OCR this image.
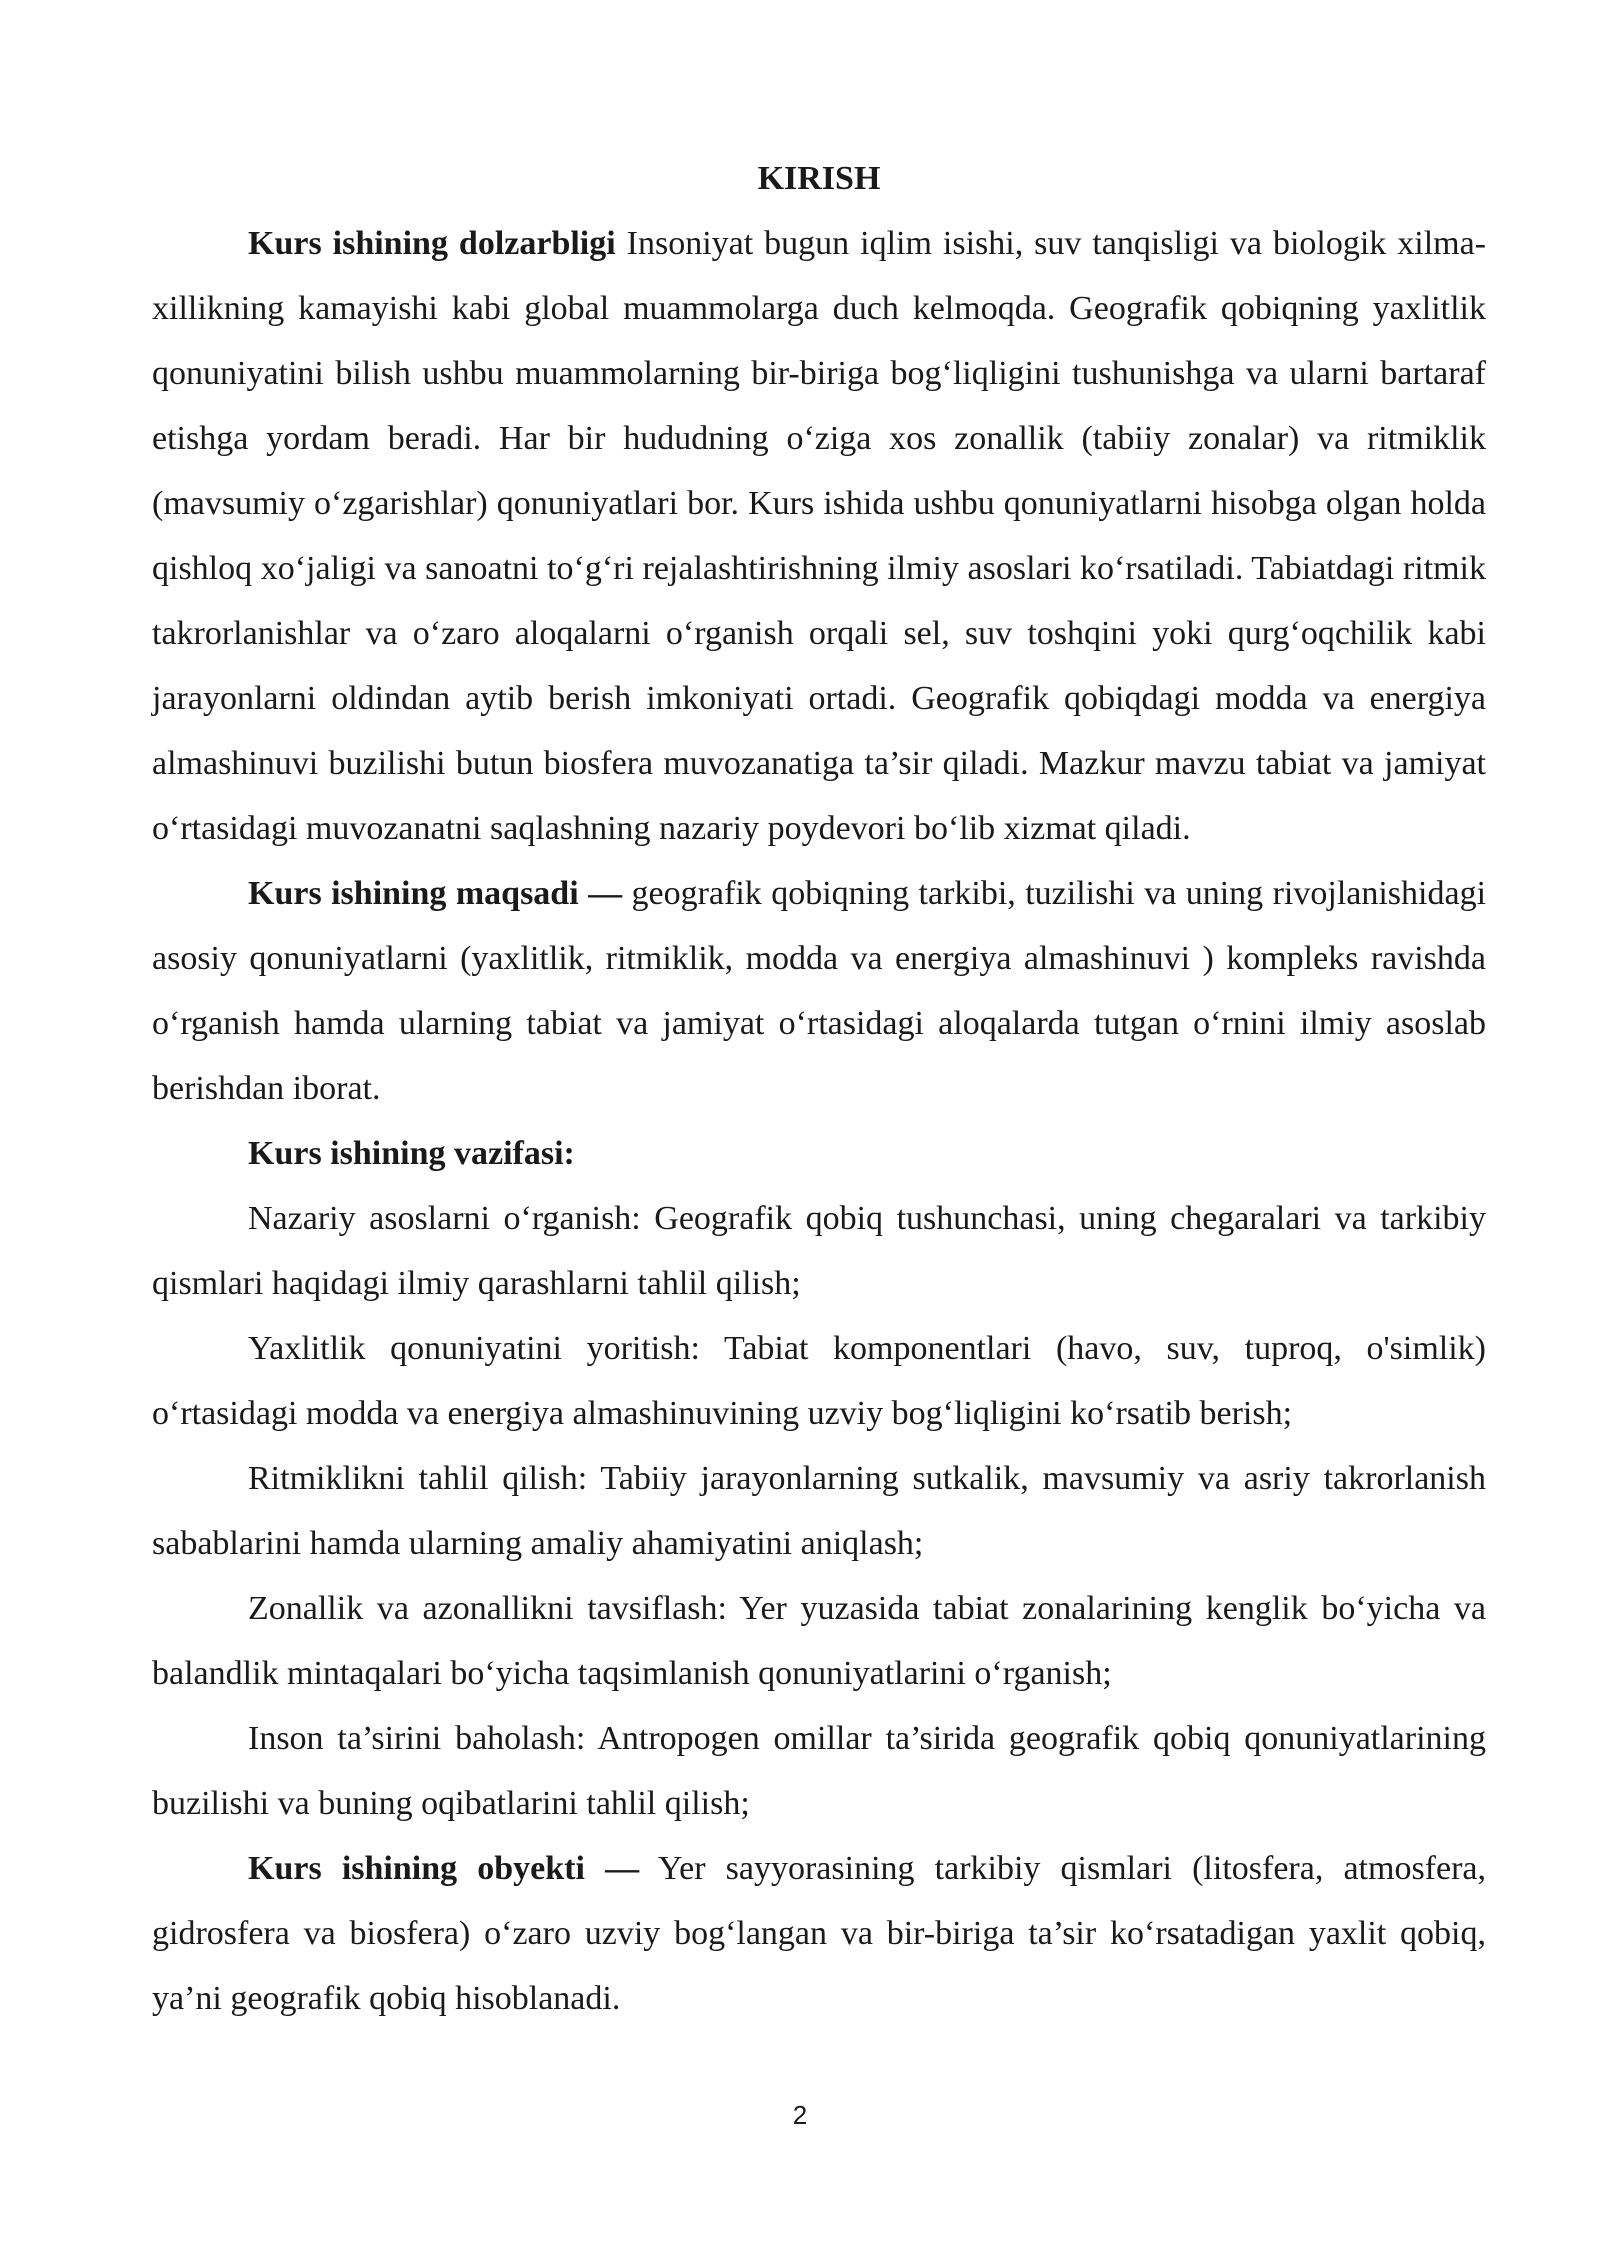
KIRISH

Kurs ishining dolzarbligi Insoniyat bugun iqlim isishi, suv tanqisligi va biologik xilma-xillikning kamayishi kabi global muammolarga duch kelmoqda. Geografik qobiqning yaxlitlik qonuniyatini bilish ushbu muammolarning bir-biriga bog‘liqligini tushunishga va ularni bartaraf etishga yordam beradi. Har bir hududning o‘ziga xos zonallik (tabiiy zonalar) va ritmiklik (mavsumiy o‘zgarishlar) qonuniyatlari bor. Kurs ishida ushbu qonuniyatlarni hisobga olgan holda qishloq xo‘jaligi va sanoatni to‘g‘ri rejalashtirishning ilmiy asoslari ko‘rsatiladi. Tabiatdagi ritmik takrorlanishlar va o‘zaro aloqalarni o‘rganish orqali sel, suv toshqini yoki qurg‘oqchilik kabi jarayonlarni oldindan aytib berish imkoniyati ortadi. Geografik qobiqdagi modda va energiya almashinuvi buzilishi butun biosfera muvozanatiga ta’sir qiladi. Mazkur mavzu tabiat va jamiyat o‘rtasidagi muvozanatni saqlashning nazariy poydevori bo‘lib xizmat qiladi.

Kurs ishining maqsadi — geografik qobiqning tarkibi, tuzilishi va uning rivojlanishidagi asosiy qonuniyatlarni (yaxlitlik, ritmiklik, modda va energiya almashinuvi ) kompleks ravishda o‘rganish hamda ularning tabiat va jamiyat o‘rtasidagi aloqalarda tutgan o‘rnini ilmiy asoslab berishdan iborat.

Kurs ishining vazifasi:

Nazariy asoslarni o‘rganish: Geografik qobiq tushunchasi, uning chegaralari va tarkibiy qismlari haqidagi ilmiy qarashlarni tahlil qilish;

Yaxlitlik qonuniyatini yoritish: Tabiat komponentlari (havo, suv, tuproq, o'simlik) o‘rtasidagi modda va energiya almashinuvining uzviy bog‘liqligini ko‘rsatib berish;

Ritmiklikni tahlil qilish: Tabiiy jarayonlarning sutkalik, mavsumiy va asriy takrorlanish sabablarini hamda ularning amaliy ahamiyatini aniqlash;

Zonallik va azonallikni tavsiflash: Yer yuzasida tabiat zonalarining kenglik bo‘yicha va balandlik mintaqalari bo‘yicha taqsimlanish qonuniyatlarini o‘rganish;

Inson ta’sirini baholash: Antropogen omillar ta’sirida geografik qobiq qonuniyatlarining buzilishi va buning oqibatlarini tahlil qilish;

Kurs ishining obyekti — Yer sayyorasining tarkibiy qismlari (litosfera, atmosfera, gidrosfera va biosfera) o‘zaro uzviy bog‘langan va bir-biriga ta’sir ko‘rsatadigan yaxlit qobiq, ya’ni geografik qobiq hisoblanadi.

2
